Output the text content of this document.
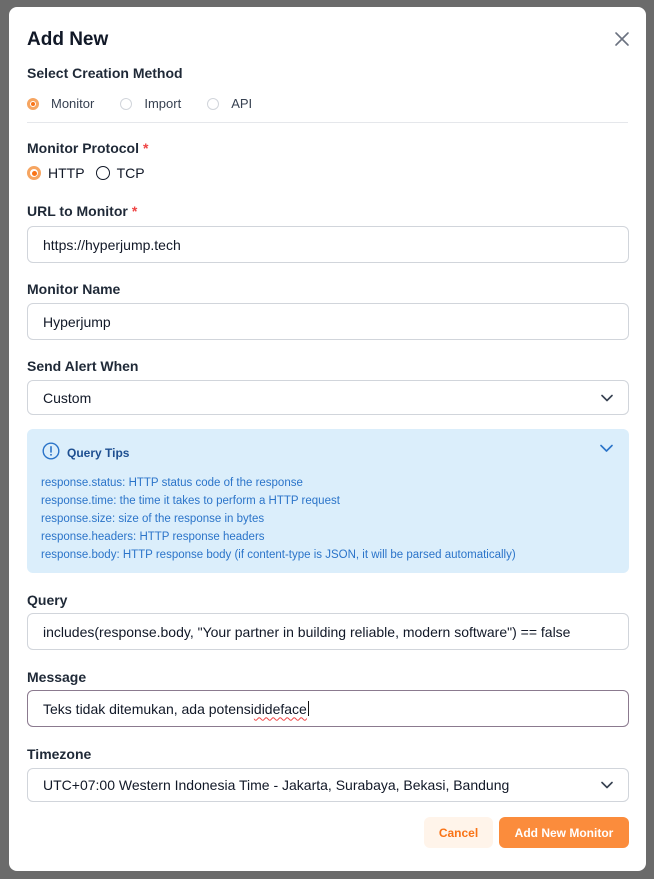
Add New
Select Creation Method
Monitor	Import	API
Monitor Protocol *
HTTP TCP
URL to Monitor *
https://hyperjump.tech
Monitor Name
Hyperjump
Send Alert When
Custom
Query Tips
response.status: HTTP status code of the response
response.time: the time it takes to perform a HTTP request
response.size: size of the response in bytes
response.headers: HTTP response headers
response.body: HTTP response body (if content-type is JSON, it will be parsed automatically)
Query
includes(response.body, "Your partner in building reliable, modern software") == false
Message
Teks tidak ditemukan, ada potensi dideface
Timezone
UTC+07:00 Western Indonesia Time - Jakarta, Surabaya, Bekasi, Bandung
Cancel	Add New Monitor
